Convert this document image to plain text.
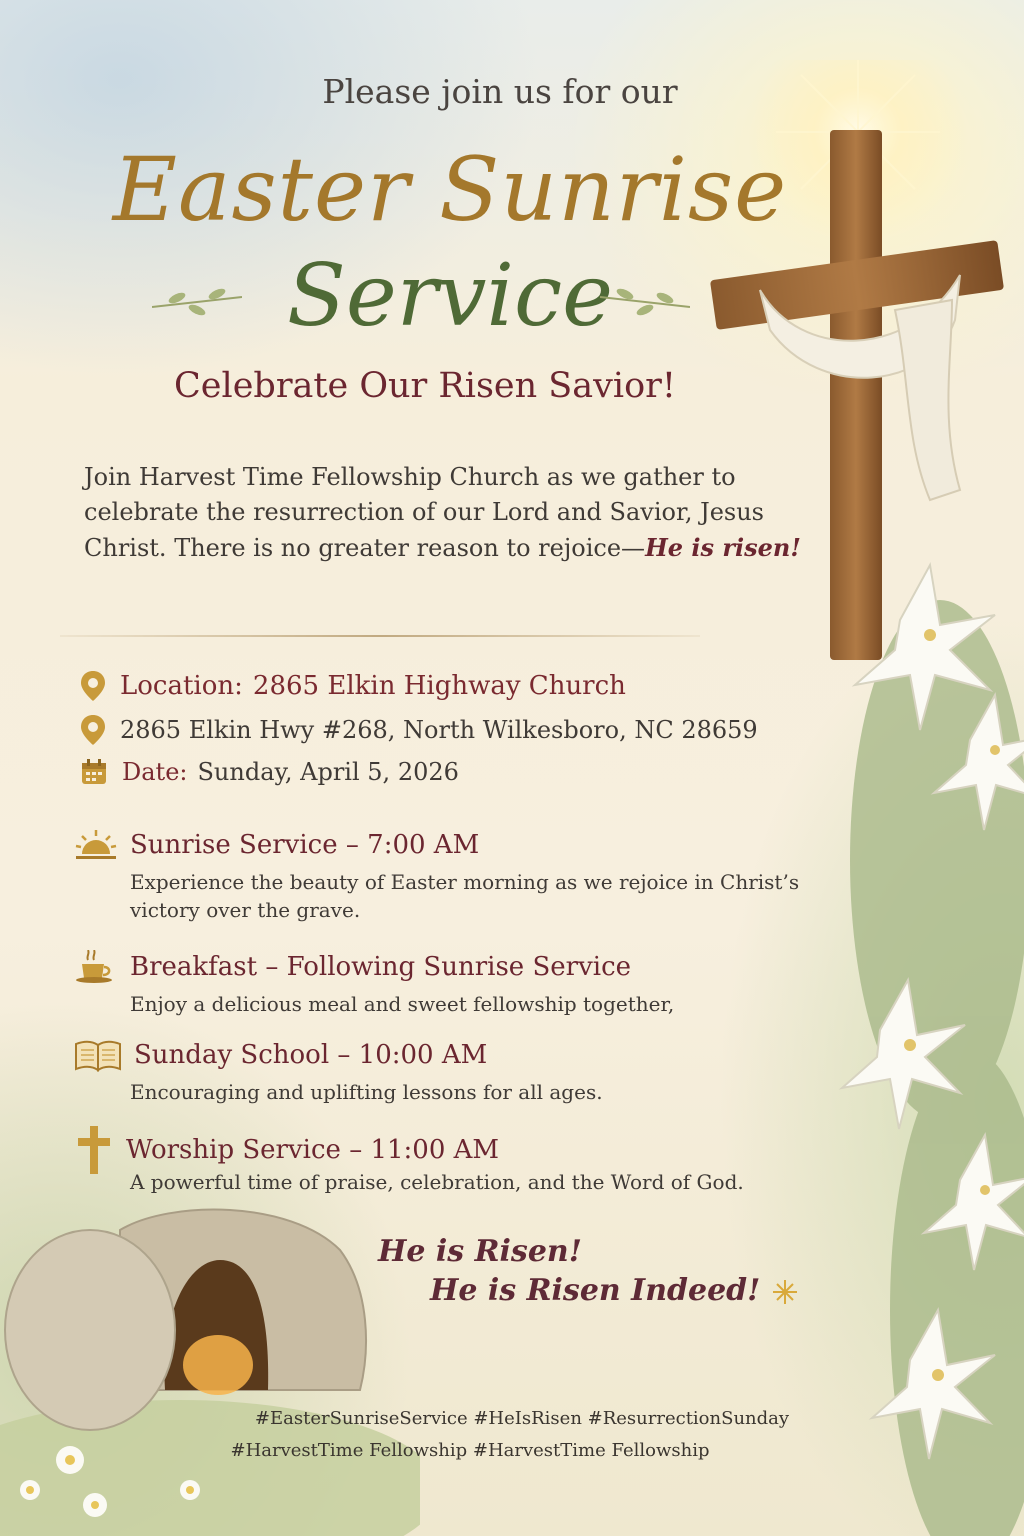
Please join us for our
Easter Sunrise
Service
Celebrate Our Risen Savior!
Join Harvest Time Fellowship Church as we gather to celebrate the resurrection of our Lord and Savior, Jesus Christ. There is no greater reason to rejoice—He is risen!
Location: 2865 Elkin Highway Church
2865 Elkin Hwy #268, North Wilkesboro, NC 28659
Date: Sunday, April 5, 2026
Sunrise Service – 7:00 AM
Experience the beauty of Easter morning as we rejoice in Christ’s victory over the grave.
Breakfast – Following Sunrise Service
Enjoy a delicious meal and sweet fellowship together,
Sunday School – 10:00 AM
Encouraging and uplifting lessons for all ages.
Worship Service – 11:00 AM
A powerful time of praise, celebration, and the Word of God.
He is Risen!
He is Risen Indeed!
#EasterSunriseService #HeIsRisen #ResurrectionSunday
#HarvestTime Fellowship #HarvestTime Fellowship
